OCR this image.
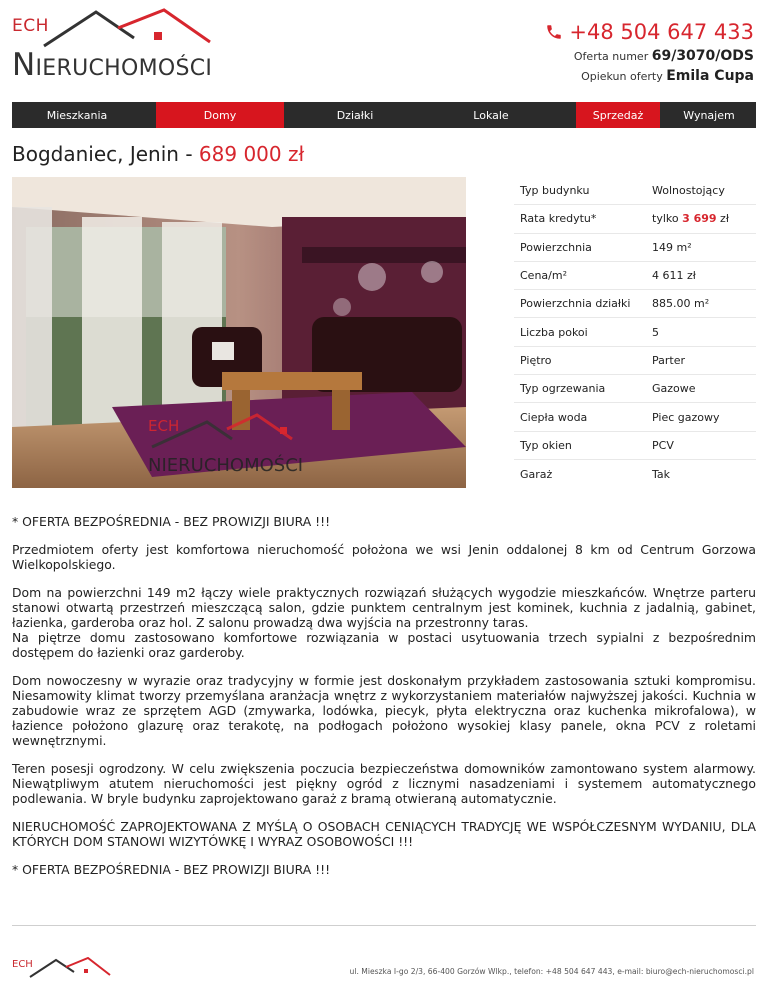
ECH
NIERUCHOMOŚCI
+48 504 647 433
Oferta numer 69/3070/ODS
Opiekun oferty Emila Cupa
Mieszkania	Domy	Działki	Lokale	Sprzedaż	Wynajem
Bogdaniec, Jenin - 689 000 zł
ECH
NIERUCHOMOŚCI
Typ budynku	Wolnostojący
Rata kredytu*	tylko 3 699 zł
Powierzchnia	149 m²
Cena/m²	4 611 zł
Powierzchnia działki	885.00 m²
Liczba pokoi	5
Piętro	Parter
Typ ogrzewania	Gazowe
Ciepła woda	Piec gazowy
Typ okien	PCV
Garaż	Tak

* OFERTA BEZPOŚREDNIA - BEZ PROWIZJI BIURA !!!

Przedmiotem oferty jest komfortowa nieruchomość położona we wsi Jenin oddalonej 8 km od Centrum Gorzowa Wielkopolskiego.

Dom na powierzchni 149 m2 łączy wiele praktycznych rozwiązań służących wygodzie mieszkańców. Wnętrze parteru stanowi otwartą przestrzeń mieszczącą salon, gdzie punktem centralnym jest kominek, kuchnia z jadalnią, gabinet, łazienka, garderoba oraz hol. Z salonu prowadzą dwa wyjścia na przestronny taras.
Na piętrze domu zastosowano komfortowe rozwiązania w postaci usytuowania trzech sypialni z bezpośrednim dostępem do łazienki oraz garderoby.

Dom nowoczesny w wyrazie oraz tradycyjny w formie jest doskonałym przykładem zastosowania sztuki kompromisu. Niesamowity klimat tworzy przemyślana aranżacja wnętrz z wykorzystaniem materiałów najwyższej jakości. Kuchnia w zabudowie wraz ze sprzętem AGD (zmywarka, lodówka, piecyk, płyta elektryczna oraz kuchenka mikrofalowa), w łazience położono glazurę oraz terakotę, na podłogach położono wysokiej klasy panele, okna PCV z roletami wewnętrznymi.

Teren posesji ogrodzony. W celu zwiększenia poczucia bezpieczeństwa domowników zamontowano system alarmowy. Niewątpliwym atutem nieruchomości jest piękny ogród z licznymi nasadzeniami i systemem automatycznego podlewania. W bryle budynku zaprojektowano garaż z bramą otwieraną automatycznie.

NIERUCHOMOŚĆ ZAPROJEKTOWANA Z MYŚLĄ O OSOBACH CENIĄCYCH TRADYCJĘ WE WSPÓŁCZESNYM WYDANIU, DLA KTÓRYCH DOM STANOWI WIZYTÓWKĘ I WYRAZ OSOBOWOŚCI !!!

* OFERTA BEZPOŚREDNIA - BEZ PROWIZJI BIURA !!!

ECH
ul. Mieszka I-go 2/3, 66-400 Gorzów Wlkp., telefon: +48 504 647 443, e-mail: biuro@ech-nieruchomosci.pl
